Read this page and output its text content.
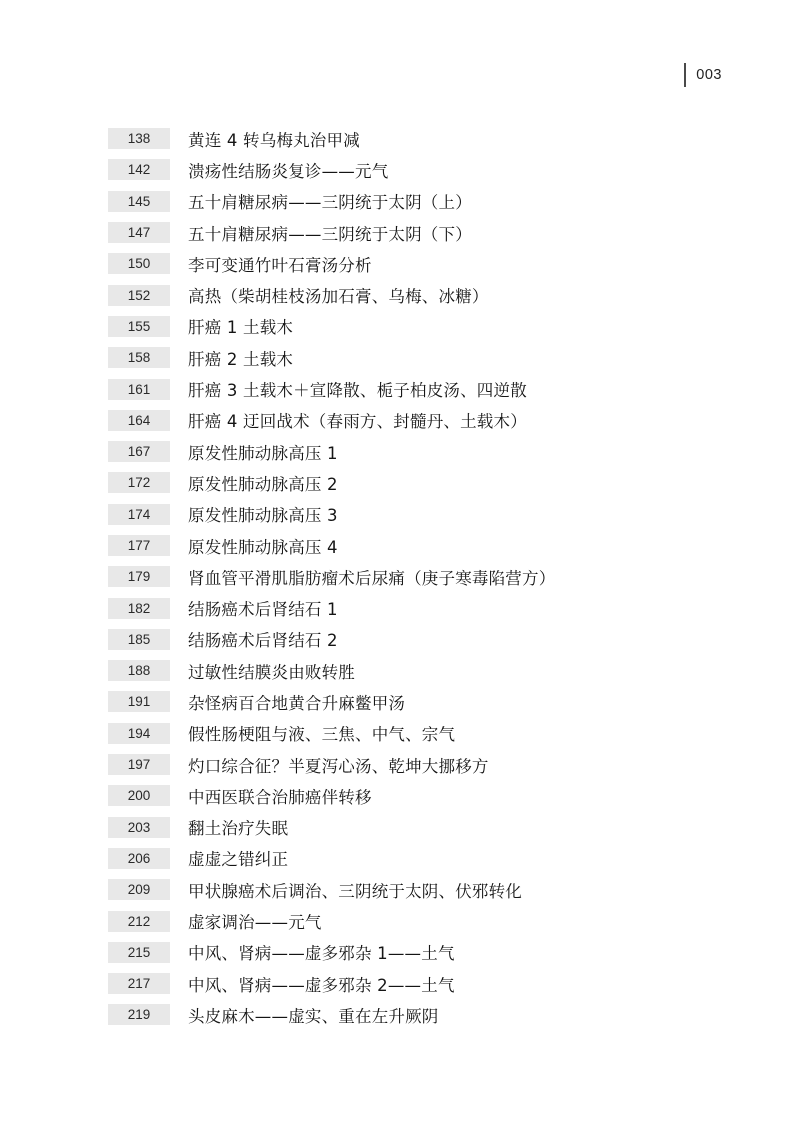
003
138	黄连 4 转乌梅丸治甲减
142	溃疡性结肠炎复诊——元气
145	五十肩糖尿病——三阴统于太阴（上）
147	五十肩糖尿病——三阴统于太阴（下）
150	李可变通竹叶石膏汤分析
152	高热（柴胡桂枝汤加石膏、乌梅、冰糖）
155	肝癌 1 土载木
158	肝癌 2 土载木
161	肝癌 3 土载木＋宣降散、栀子柏皮汤、四逆散
164	肝癌 4 迂回战术（春雨方、封髓丹、土载木）
167	原发性肺动脉高压 1
172	原发性肺动脉高压 2
174	原发性肺动脉高压 3
177	原发性肺动脉高压 4
179	肾血管平滑肌脂肪瘤术后尿痛（庚子寒毒陷营方）
182	结肠癌术后肾结石 1
185	结肠癌术后肾结石 2
188	过敏性结膜炎由败转胜
191	杂怪病百合地黄合升麻鳖甲汤
194	假性肠梗阻与液、三焦、中气、宗气
197	灼口综合征？半夏泻心汤、乾坤大挪移方
200	中西医联合治肺癌伴转移
203	翻土治疗失眠
206	虚虚之错纠正
209	甲状腺癌术后调治、三阴统于太阴、伏邪转化
212	虚家调治——元气
215	中风、肾病——虚多邪杂 1——土气
217	中风、肾病——虚多邪杂 2——土气
219	头皮麻木——虚实、重在左升厥阴
